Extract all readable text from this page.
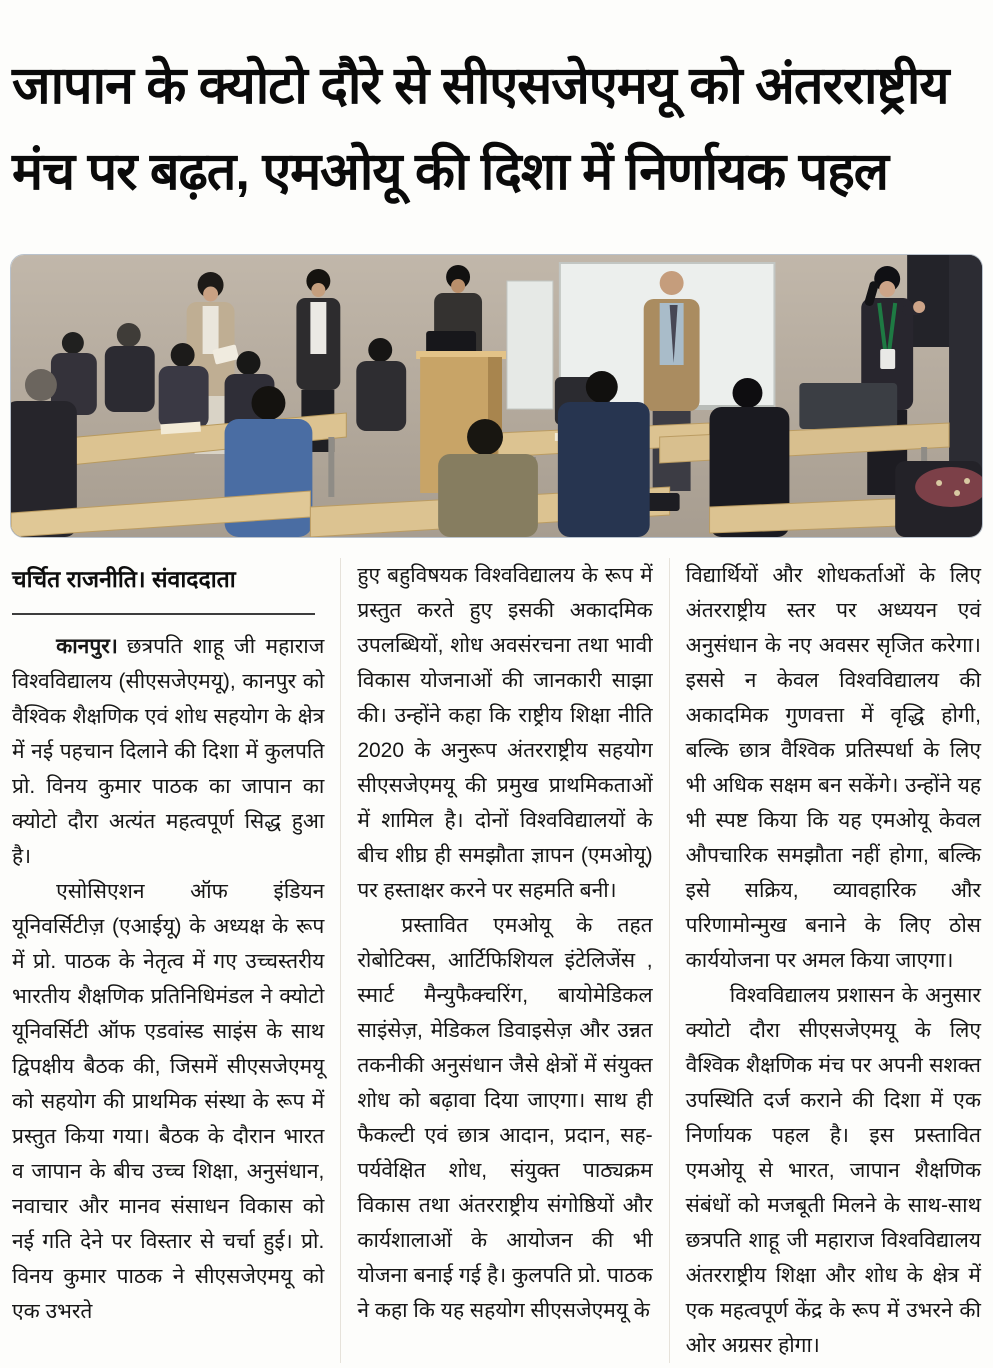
जापान के क्योटो दौरे से सीएसजेएमयू को अंतरराष्ट्रीय
मंच पर बढ़त, एमओयू की दिशा में निर्णायक पहल
चर्चित राजनीति। संवाददाता

कानपुर। छत्रपति शाहू जी महाराज विश्वविद्यालय (सीएसजेएमयू), कानपुर को वैश्विक शैक्षणिक एवं शोध सहयोग के क्षेत्र में नई पहचान दिलाने की दिशा में कुलपति प्रो. विनय कुमार पाठक का जापान का क्योटो दौरा अत्यंत महत्वपूर्ण सिद्ध हुआ है।

एसोसिएशन ऑफ इंडियन यूनिवर्सिटीज़ (एआईयू) के अध्यक्ष के रूप में प्रो. पाठक के नेतृत्व में गए उच्चस्तरीय भारतीय शैक्षणिक प्रतिनिधिमंडल ने क्योटो यूनिवर्सिटी ऑफ एडवांस्ड साइंस के साथ द्विपक्षीय बैठक की, जिसमें सीएसजेएमयू को सहयोग की प्राथमिक संस्था के रूप में प्रस्तुत किया गया। बैठक के दौरान भारत व जापान के बीच उच्च शिक्षा, अनुसंधान, नवाचार और मानव संसाधन विकास को नई गति देने पर विस्तार से चर्चा हुई। प्रो. विनय कुमार पाठक ने सीएसजेएमयू को एक उभरते

हुए बहुविषयक विश्वविद्यालय के रूप में प्रस्तुत करते हुए इसकी अकादमिक उपलब्धियों, शोध अवसंरचना तथा भावी विकास योजनाओं की जानकारी साझा की। उन्होंने कहा कि राष्ट्रीय शिक्षा नीति 2020 के अनुरूप अंतरराष्ट्रीय सहयोग सीएसजेएमयू की प्रमुख प्राथमिकताओं में शामिल है। दोनों विश्वविद्यालयों के बीच शीघ्र ही समझौता ज्ञापन (एमओयू) पर हस्ताक्षर करने पर सहमति बनी।

प्रस्तावित एमओयू के तहत रोबोटिक्स, आर्टिफिशियल इंटेलिजेंस , स्मार्ट मैन्युफैक्चरिंग, बायोमेडिकल साइंसेज़, मेडिकल डिवाइसेज़ और उन्नत तकनीकी अनुसंधान जैसे क्षेत्रों में संयुक्त शोध को बढ़ावा दिया जाएगा। साथ ही फैकल्टी एवं छात्र आदान, प्रदान, सह-पर्यवेक्षित शोध, संयुक्त पाठ्यक्रम विकास तथा अंतरराष्ट्रीय संगोष्ठियों और कार्यशालाओं के आयोजन की भी योजना बनाई गई है। कुलपति प्रो. पाठक ने कहा कि यह सहयोग सीएसजेएमयू के

विद्यार्थियों और शोधकर्ताओं के लिए अंतरराष्ट्रीय स्तर पर अध्ययन एवं अनुसंधान के नए अवसर सृजित करेगा। इससे न केवल विश्वविद्यालय की अकादमिक गुणवत्ता में वृद्धि होगी, बल्कि छात्र वैश्विक प्रतिस्पर्धा के लिए भी अधिक सक्षम बन सकेंगे। उन्होंने यह भी स्पष्ट किया कि यह एमओयू केवल औपचारिक समझौता नहीं होगा, बल्कि इसे सक्रिय, व्यावहारिक और परिणामोन्मुख बनाने के लिए ठोस कार्ययोजना पर अमल किया जाएगा।

विश्वविद्यालय प्रशासन के अनुसार क्योटो दौरा सीएसजेएमयू के लिए वैश्विक शैक्षणिक मंच पर अपनी सशक्त उपस्थिति दर्ज कराने की दिशा में एक निर्णायक पहल है। इस प्रस्तावित एमओयू से भारत, जापान शैक्षणिक संबंधों को मजबूती मिलने के साथ-साथ छत्रपति शाहू जी महाराज विश्वविद्यालय अंतरराष्ट्रीय शिक्षा और शोध के क्षेत्र में एक महत्वपूर्ण केंद्र के रूप में उभरने की ओर अग्रसर होगा।
